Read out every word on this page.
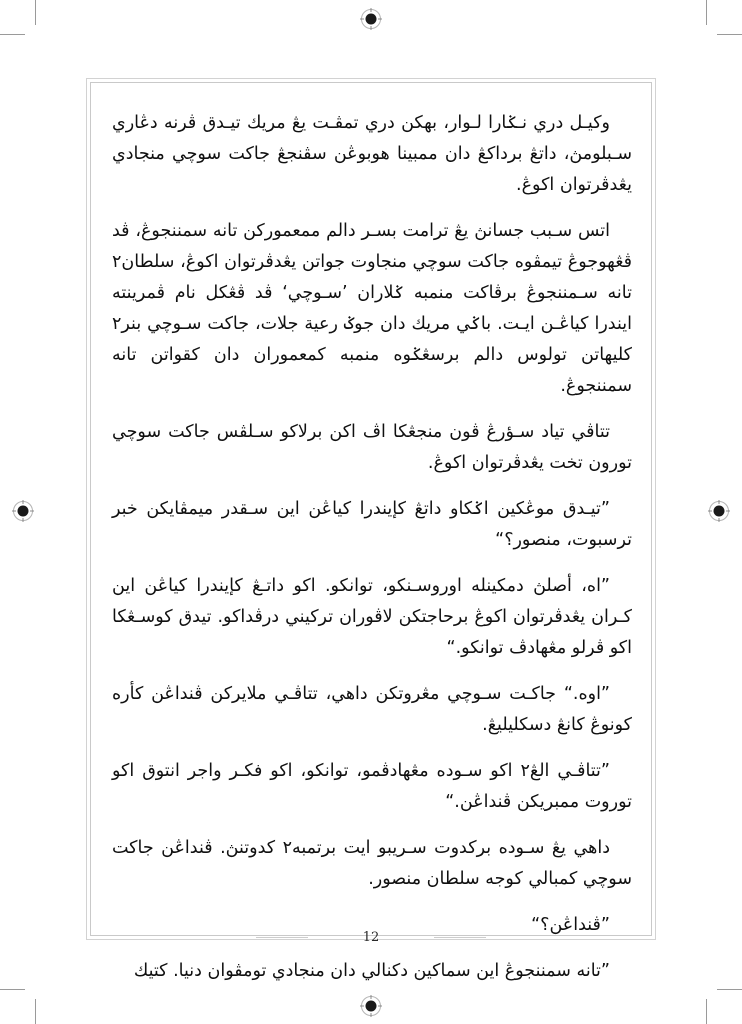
وكيـل دري نـݢارا لـوار، بهكن دري تمڤـت يڠ مريك تيـدق ڤرنه دڠاري سـبلومڽ، داتڠ برداكڠ دان ممبينا هوبوڠن سڤنجڠ جاكت سوچي منجادي يڠدڤرتوان اكوڠ.

اتس سـبب جسانڽ يڠ ترامت بسـر دالم ممعموركن تانه سمننجوڠ، ڤد ڤڠهوجوڠ تيمڤوه جاكت سوچي منجاوت جواتن يڠدڤرتوان اكوڠ، سلطان٢ تانه سـمننجوڠ برڤاكت منمبه ݢلاران ’سـوچي‘ ڤد ڤڠكل نام ڤمرينته ايندرا كياڠـن ايـت. باݢي مريك دان جوݢ رعية جلات، جاكت سـوچي بنر٢ كليهاتن تولوس دالم برسڠݢوه منمبه كمعموران دان كقواتن تانه سمننجوڠ.

تتاڤي تياد سـؤرڠ ڤون منجڠكا اڤ اكن برلاكو سـلڤس جاكت سوچي تورون تخت يڠدڤرتوان اكوڠ.

”تيـدق موڠكين اݢكاو داتڠ كإيندرا كياڠن اين سـقدر ميمڤايكن خبر ترسبوت، منصور؟“

”اه، أصلڽ دمكينله اوروسـنكو، توانكو. اكو داتـڠ كإيندرا كياڠن اين كـران يڠدڤرتوان اكوڠ برحاجتكن لاڤوران تركيني درڤداكو. تيدق كوسـڠكا اكو ڤرلو مڠهادڤ توانكو.“

”اوه.“ جاكـت سـوچي مڠروتكن داهي، تتاڤـي ملايركن ڤنداڠن كأره كونوڠ كانڠ دسكليليڠ.

”تتاڤـي الڠ٢ اكو سـوده مڠهادڤمو، توانكو، اكو فكـر واجر انتوق اكو توروت ممبريكن ڤنداڠن.“

داهي يڠ سـوده بركدوت سـريبو ايت برتمبه٢ كدوتنڽ. ڤنداڠن جاكت سوچي كمبالي كوجه سلطان منصور.

”ڤنداڠن؟“

”تانه سمننجوڠ اين سماكين دكنالي دان منجادي تومڤوان دنيا. كتيك

12
